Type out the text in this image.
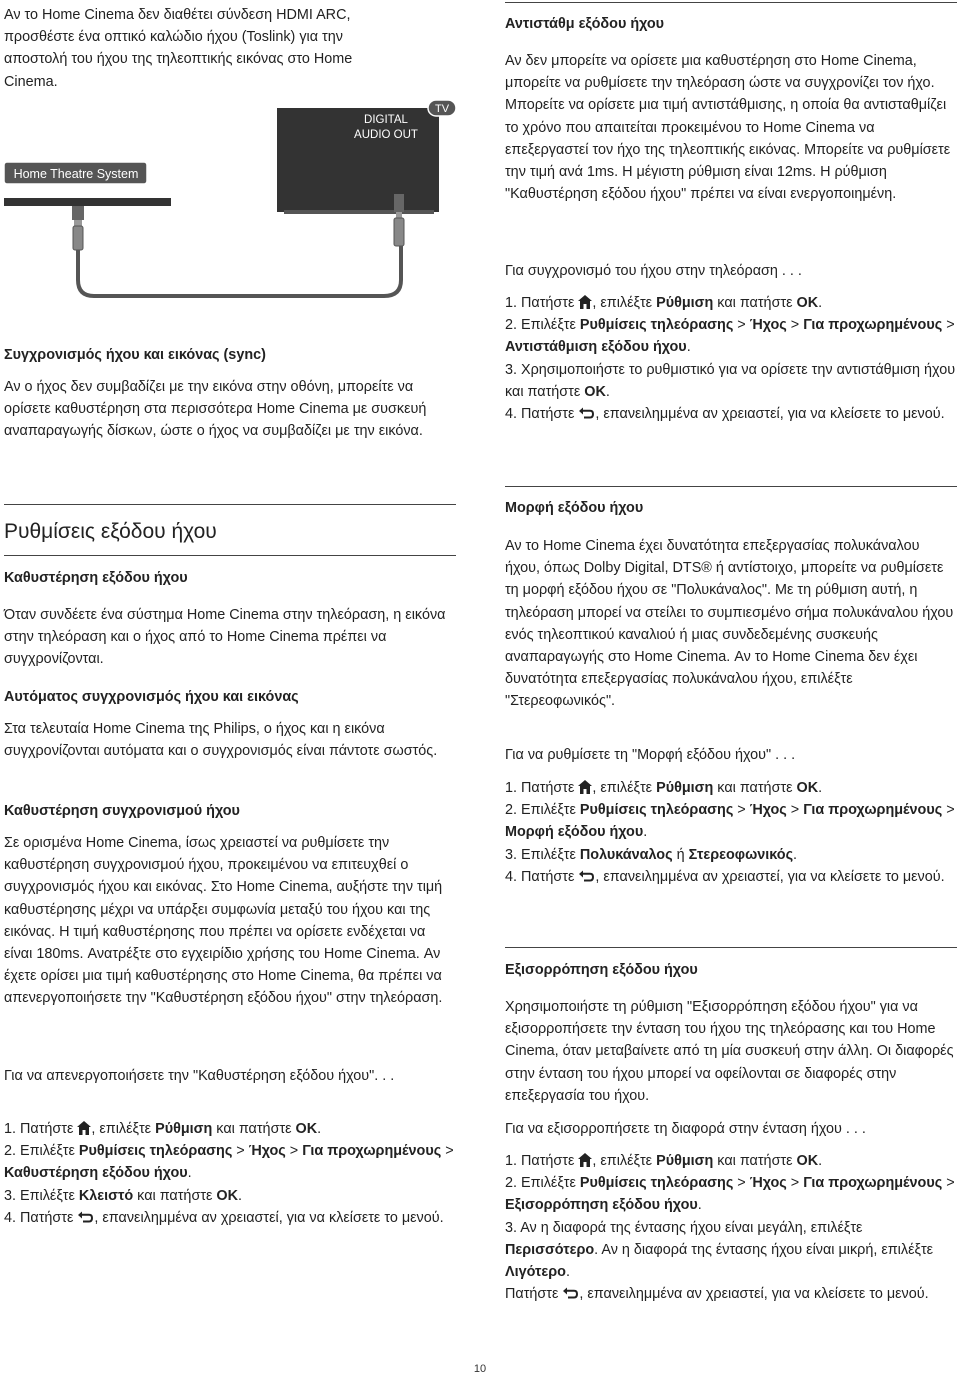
Αν το Home Cinema δεν διαθέτει σύνδεση HDMI ARC, προσθέστε ένα οπτικό καλώδιο ήχου (Toslink) για την αποστολή του ήχου της τηλεοπτικής εικόνας στο Home Cinema.

TV
DIGITAL
AUDIO OUT
Home Theatre System

Συγχρονισμός ήχου και εικόνας (sync)

Αν ο ήχος δεν συμβαδίζει με την εικόνα στην οθόνη, μπορείτε να ορίσετε καθυστέρηση στα περισσότερα Home Cinema με συσκευή αναπαραγωγής δίσκων, ώστε ο ήχος να συμβαδίζει με την εικόνα.

Ρυθμίσεις εξόδου ήχου

Καθυστέρηση εξόδου ήχου

Όταν συνδέετε ένα σύστημα Home Cinema στην τηλεόραση, η εικόνα στην τηλεόραση και ο ήχος από το Home Cinema πρέπει να συγχρονίζονται.

Αυτόματος συγχρονισμός ήχου και εικόνας

Στα τελευταία Home Cinema της Philips, ο ήχος και η εικόνα συγχρονίζονται αυτόματα και ο συγχρονισμός είναι πάντοτε σωστός.

Καθυστέρηση συγχρονισμού ήχου

Σε ορισμένα Home Cinema, ίσως χρειαστεί να ρυθμίσετε την καθυστέρηση συγχρονισμού ήχου, προκειμένου να επιτευχθεί ο συγχρονισμός ήχου και εικόνας. Στο Home Cinema, αυξήστε την τιμή καθυστέρησης μέχρι να υπάρξει συμφωνία μεταξύ του ήχου και της εικόνας. Η τιμή καθυστέρησης που πρέπει να ορίσετε ενδέχεται να είναι 180ms. Ανατρέξτε στο εγχειρίδιο χρήσης του Home Cinema. Αν έχετε ορίσει μια τιμή καθυστέρησης στο Home Cinema, θα πρέπει να απενεργοποιήσετε την "Καθυστέρηση εξόδου ήχου" στην τηλεόραση.

Για να απενεργοποιήσετε την "Καθυστέρηση εξόδου ήχου". . .

1. Πατήστε , επιλέξτε Ρύθμιση και πατήστε OK.

2. Επιλέξτε Ρυθμίσεις τηλεόρασης > Ήχος > Για προχωρημένους > Καθυστέρηση εξόδου ήχου.

3. Επιλέξτε Κλειστό και πατήστε OK.

4. Πατήστε , επανειλημμένα αν χρειαστεί, για να κλείσετε το μενού.

Αντιστάθμ εξόδου ήχου

Αν δεν μπορείτε να ορίσετε μια καθυστέρηση στο Home Cinema, μπορείτε να ρυθμίσετε την τηλεόραση ώστε να συγχρονίζει τον ήχο. Μπορείτε να ορίσετε μια τιμή αντιστάθμισης, η οποία θα αντισταθμίζει το χρόνο που απαιτείται προκειμένου το Home Cinema να επεξεργαστεί τον ήχο της τηλεοπτικής εικόνας. Μπορείτε να ρυθμίσετε την τιμή ανά 1ms. Η μέγιστη ρύθμιση είναι 12ms. Η ρύθμιση "Καθυστέρηση εξόδου ήχου" πρέπει να είναι ενεργοποιημένη.

Για συγχρονισμό του ήχου στην τηλεόραση . . .

1. Πατήστε , επιλέξτε Ρύθμιση και πατήστε OK.

2. Επιλέξτε Ρυθμίσεις τηλεόρασης > Ήχος > Για προχωρημένους > Αντιστάθμιση εξόδου ήχου.

3. Χρησιμοποιήστε το ρυθμιστικό για να ορίσετε την αντιστάθμιση ήχου και πατήστε OK.

4. Πατήστε , επανειλημμένα αν χρειαστεί, για να κλείσετε το μενού.

Μορφή εξόδου ήχου

Αν το Home Cinema έχει δυνατότητα επεξεργασίας πολυκάναλου ήχου, όπως Dolby Digital, DTS® ή αντίστοιχο, μπορείτε να ρυθμίσετε τη μορφή εξόδου ήχου σε "Πολυκάναλος". Με τη ρύθμιση αυτή, η τηλεόραση μπορεί να στείλει το συμπιεσμένο σήμα πολυκάναλου ήχου ενός τηλεοπτικού καναλιού ή μιας συνδεδεμένης συσκευής αναπαραγωγής στο Home Cinema. Αν το Home Cinema δεν έχει δυνατότητα επεξεργασίας πολυκάναλου ήχου, επιλέξτε "Στερεοφωνικός".

Για να ρυθμίσετε τη "Μορφή εξόδου ήχου" . . .

1. Πατήστε , επιλέξτε Ρύθμιση και πατήστε OK.

2. Επιλέξτε Ρυθμίσεις τηλεόρασης > Ήχος > Για προχωρημένους > Μορφή εξόδου ήχου.

3. Επιλέξτε Πολυκάναλος ή Στερεοφωνικός.

4. Πατήστε , επανειλημμένα αν χρειαστεί, για να κλείσετε το μενού.

Εξισορρόπηση εξόδου ήχου

Χρησιμοποιήστε τη ρύθμιση "Εξισορρόπηση εξόδου ήχου" για να εξισορροπήσετε την ένταση του ήχου της τηλεόρασης και του Home Cinema, όταν μεταβαίνετε από τη μία συσκευή στην άλλη. Οι διαφορές στην ένταση του ήχου μπορεί να οφείλονται σε διαφορές στην επεξεργασία του ήχου.

Για να εξισορροπήσετε τη διαφορά στην ένταση ήχου . . .

1. Πατήστε , επιλέξτε Ρύθμιση και πατήστε OK.

2. Επιλέξτε Ρυθμίσεις τηλεόρασης > Ήχος > Για προχωρημένους > Εξισορρόπηση εξόδου ήχου.

3. Αν η διαφορά της έντασης ήχου είναι μεγάλη, επιλέξτε Περισσότερο. Αν η διαφορά της έντασης ήχου είναι μικρή, επιλέξτε Λιγότερο.

Πατήστε , επανειλημμένα αν χρειαστεί, για να κλείσετε το μενού.

10
